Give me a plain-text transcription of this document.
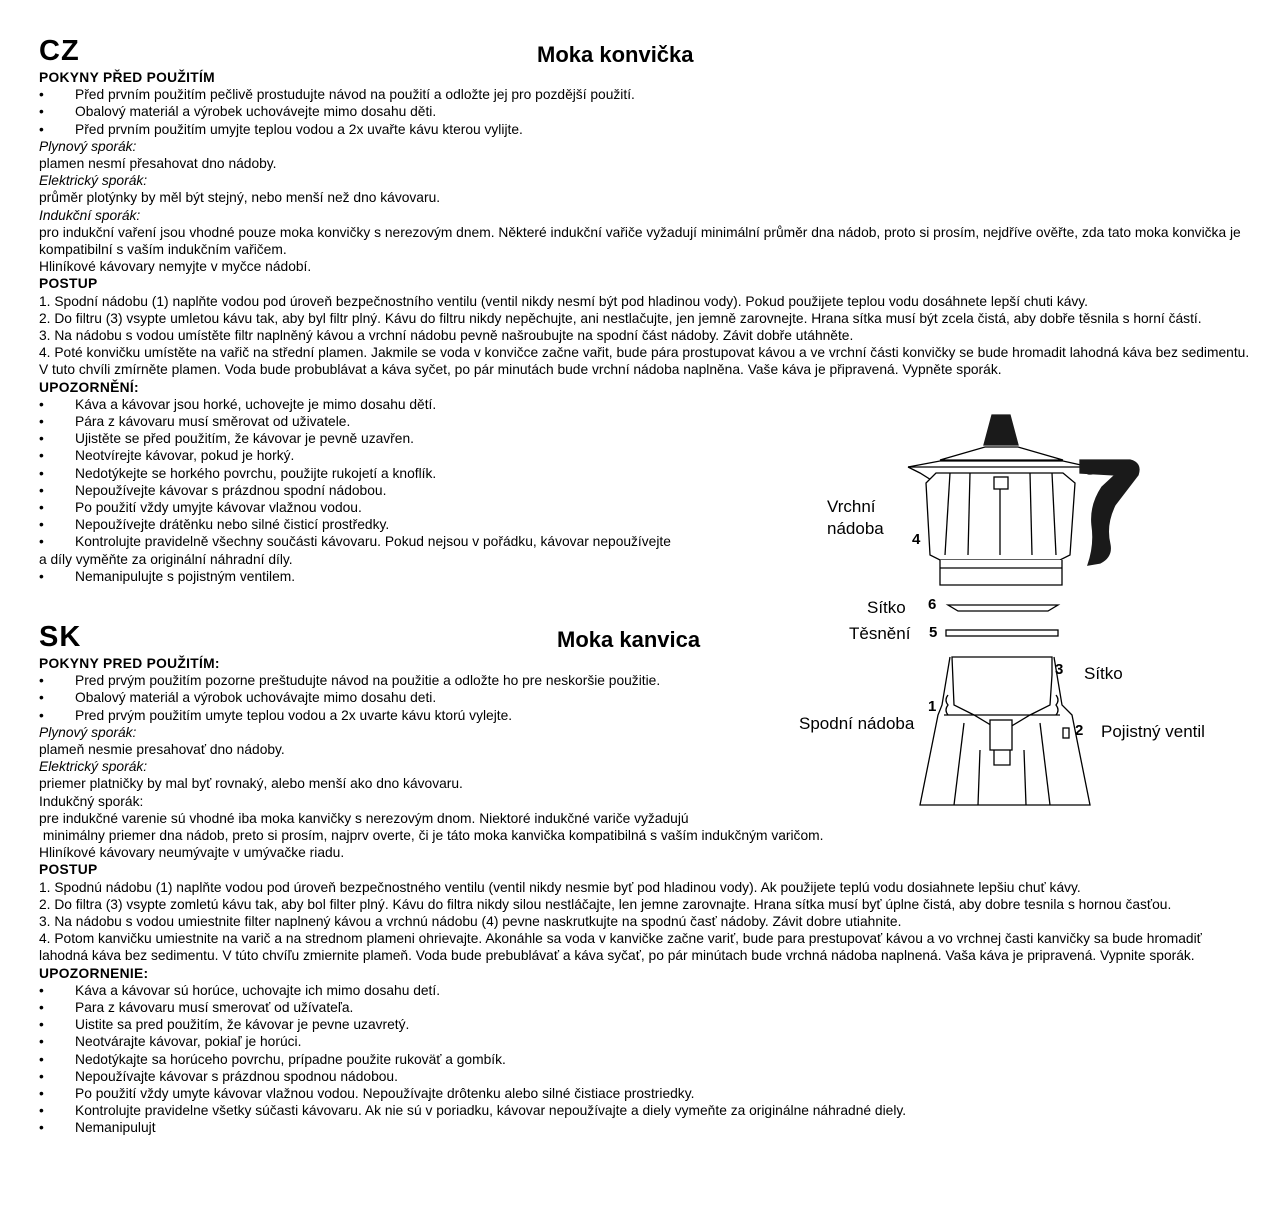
CZ	Moka konvička
POKYNY PŘED POUŽITÍM

• Před prvním použitím pečlivě prostudujte návod na použití a odložte jej pro pozdější použití.

• Obalový materiál a výrobek uchovávejte mimo dosahu děti.

• Před prvním použitím umyjte teplou vodou a 2x uvařte kávu kterou vylijte.

Plynový sporák:

plamen nesmí přesahovat dno nádoby.

Elektrický sporák:

průměr plotýnky by měl být stejný, nebo menší než dno kávovaru.

Indukční sporák:

pro indukční vaření jsou vhodné pouze moka konvičky s nerezovým dnem. Některé indukční vařiče vyžadují minimální průměr dna nádob, proto si prosím, nejdříve ověřte, zda tato moka konvička je kompatibilní s vaším indukčním vařičem.

Hliníkové kávovary nemyjte v myčce nádobí.

POSTUP

1. Spodní nádobu (1) naplňte vodou pod úroveň bezpečnostního ventilu (ventil nikdy nesmí být pod hladinou vody). Pokud použijete teplou vodu dosáhnete lepší chuti kávy.

2. Do filtru (3) vsypte umletou kávu tak, aby byl filtr plný. Kávu do filtru nikdy nepěchujte, ani nestlačujte, jen jemně zarovnejte. Hrana sítka musí být zcela čistá, aby dobře těsnila s horní částí.

3. Na nádobu s vodou umístěte filtr naplněný kávou a vrchní nádobu pevně našroubujte na spodní část nádoby. Závit dobře utáhněte.

4. Poté konvičku umístěte na vařič na střední plamen. Jakmile se voda v konvičce začne vařit, bude pára prostupovat kávou a ve vrchní části konvičky se bude hromadit lahodná káva bez sedimentu. V tuto chvíli zmírněte plamen. Voda bude probublávat a káva syčet, po pár minutách bude vrchní nádoba naplněna. Vaše káva je připravená. Vypněte sporák.

UPOZORNĚNÍ:

• Káva a kávovar jsou horké, uchovejte je mimo dosahu dětí.

• Pára z kávovaru musí směrovat od uživatele.

• Ujistěte se před použitím, že kávovar je pevně uzavřen.

• Neotvírejte kávovar, pokud je horký.

• Nedotýkejte se horkého povrchu, použijte rukojetí a knoflík.

• Nepoužívejte kávovar s prázdnou spodní nádobou.

• Po použití vždy umyjte kávovar vlažnou vodou.

• Nepoužívejte drátěnku nebo silné čisticí prostředky.

• Kontrolujte pravidelně všechny součásti kávovaru. Pokud nejsou v pořádku, kávovar nepoužívejte

a díly vyměňte za originální náhradní díly.

• Nemanipulujte s pojistným ventilem.

SK	Moka kanvica
POKYNY PRED POUŽITÍM:

• Pred prvým použitím pozorne preštudujte návod na použitie a odložte ho pre neskoršie použitie.

• Obalový materiál a výrobok uchovávajte mimo dosahu deti.

• Pred prvým použitím umyte teplou vodou a 2x uvarte kávu ktorú vylejte.

Plynový sporák:

plameň nesmie presahovať dno nádoby.

Elektrický sporák:

priemer platničky by mal byť rovnaký, alebo menší ako dno kávovaru.

Indukčný sporák:

pre indukčné varenie sú vhodné iba moka kanvičky s nerezovým dnom. Niektoré indukčné variče vyžadujú

minimálny priemer dna nádob, preto si prosím, najprv overte, či je táto moka kanvička kompatibilná s vaším indukčným varičom.

Hliníkové kávovary neumývajte v umývačke riadu.

POSTUP

1. Spodnú nádobu (1) naplňte vodou pod úroveň bezpečnostného ventilu (ventil nikdy nesmie byť pod hladinou vody). Ak použijete teplú vodu dosiahnete lepšiu chuť kávy.

2. Do filtra (3) vsypte zomletú kávu tak, aby bol filter plný. Kávu do filtra nikdy silou nestláčajte, len jemne zarovnajte. Hrana sítka musí byť úplne čistá, aby dobre tesnila s hornou časťou.

3. Na nádobu s vodou umiestnite filter naplnený kávou a vrchnú nádobu (4) pevne naskrutkujte na spodnú časť nádoby. Závit dobre utiahnite.

4. Potom kanvičku umiestnite na varič a na strednom plameni ohrievajte. Akonáhle sa voda v kanvičke začne variť, bude para prestupovať kávou a vo vrchnej časti kanvičky sa bude hromadiť lahodná káva bez sedimentu. V túto chvíľu zmiernite plameň. Voda bude prebublávať a káva syčať, po pár minútach bude vrchná nádoba naplnená. Vaša káva je pripravená. Vypnite sporák.

UPOZORNENIE:

• Káva a kávovar sú horúce, uchovajte ich mimo dosahu detí.

• Para z kávovaru musí smerovať od užívateľa.

• Uistite sa pred použitím, že kávovar je pevne uzavretý.

• Neotvárajte kávovar, pokiaľ je horúci.

• Nedotýkajte sa horúceho povrchu, prípadne použite rukoväť a gombík.

• Nepoužívajte kávovar s prázdnou spodnou nádobou.

• Po použití vždy umyte kávovar vlažnou vodou. Nepoužívajte drôtenku alebo silné čistiace prostriedky.

• Kontrolujte pravidelne všetky súčasti kávovaru. Ak nie sú v poriadku, kávovar nepoužívajte a diely vymeňte za originálne náhradné diely.

• Nemanipulujt

Vrchní
nádoba
4
Sítko 6
Těsnění 5
3 Sítko
1
Spodní nádoba	2 Pojistný ventil
